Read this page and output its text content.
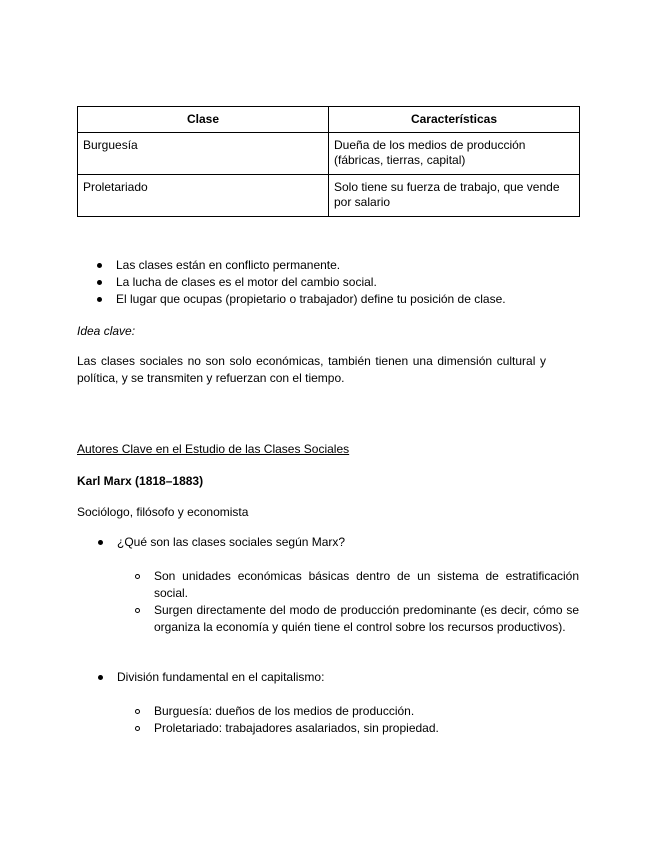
Clase	Características
Burguesía	Dueña de los medios de producción (fábricas, tierras, capital)
Proletariado	Solo tiene su fuerza de trabajo, que vende por salario
Las clases están en conflicto permanente.
La lucha de clases es el motor del cambio social.
El lugar que ocupas (propietario o trabajador) define tu posición de clase.
Idea clave:
Las clases sociales no son solo económicas, también tienen una dimensión cultural y política, y se transmiten y refuerzan con el tiempo.
Autores Clave en el Estudio de las Clases Sociales
Karl Marx (1818–1883)
Sociólogo, filósofo y economista
¿Qué son las clases sociales según Marx?
Son unidades económicas básicas dentro de un sistema de estratificación social.
Surgen directamente del modo de producción predominante (es decir, cómo se organiza la economía y quién tiene el control sobre los recursos productivos).
División fundamental en el capitalismo:
Burguesía: dueños de los medios de producción.
Proletariado: trabajadores asalariados, sin propiedad.
